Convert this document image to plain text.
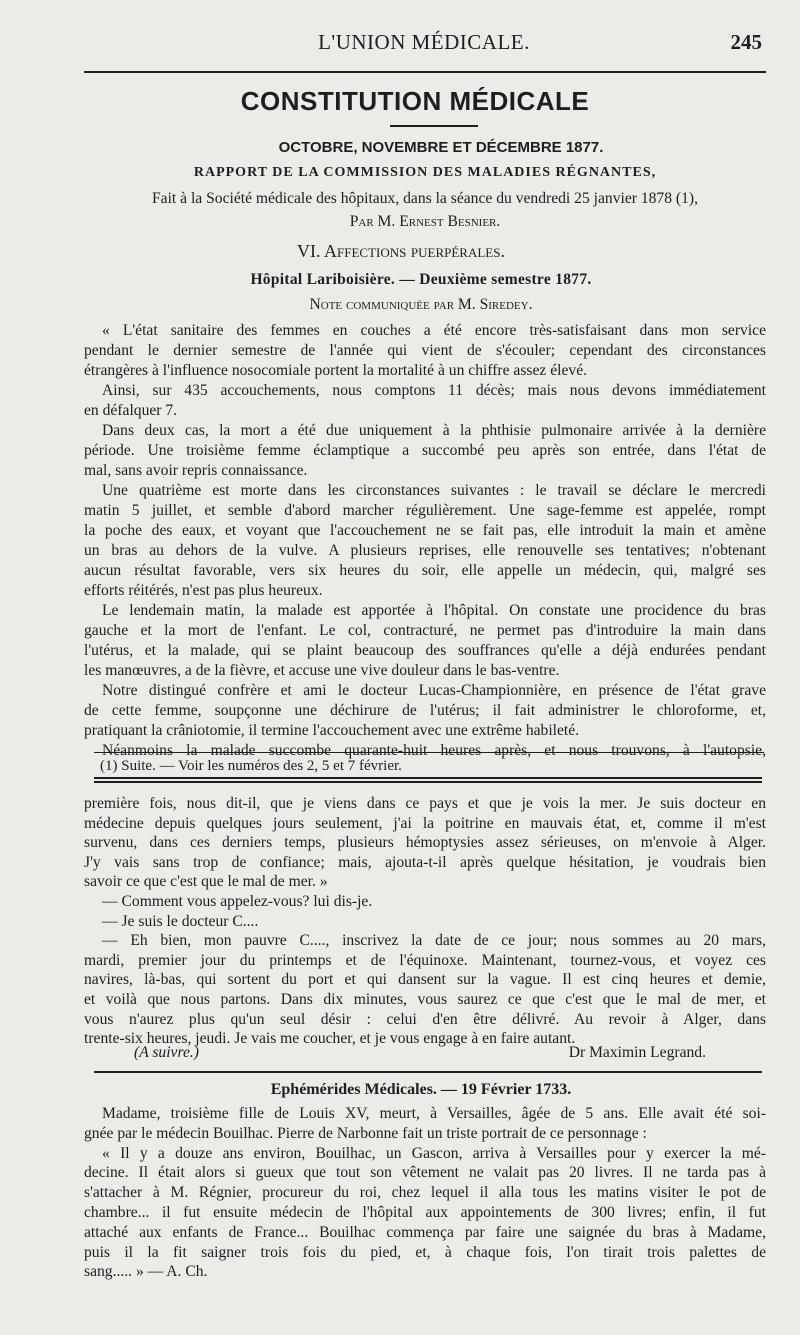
L'UNION MÉDICALE.	245
CONSTITUTION MÉDICALE
OCTOBRE, NOVEMBRE ET DÉCEMBRE 1877.
RAPPORT DE LA COMMISSION DES MALADIES RÉGNANTES,
Fait à la Société médicale des hôpitaux, dans la séance du vendredi 25 janvier 1878 (1),
Par M. Ernest Besnier.
VI. Affections puerpérales.
Hôpital Lariboisière. — Deuxième semestre 1877.
Note communiquée par M. Siredey.
« L'état sanitaire des femmes en couches a été encore très-satisfaisant dans mon service
pendant le dernier semestre de l'année qui vient de s'écouler; cependant des circonstances
étrangères à l'influence nosocomiale portent la mortalité à un chiffre assez élevé.
Ainsi, sur 435 accouchements, nous comptons 11 décès; mais nous devons immédiatement
en défalquer 7.
Dans deux cas, la mort a été due uniquement à la phthisie pulmonaire arrivée à la dernière
période. Une troisième femme éclamptique a succombé peu après son entrée, dans l'état de
mal, sans avoir repris connaissance.
Une quatrième est morte dans les circonstances suivantes : le travail se déclare le mercredi
matin 5 juillet, et semble d'abord marcher régulièrement. Une sage-femme est appelée, rompt
la poche des eaux, et voyant que l'accouchement ne se fait pas, elle introduit la main et amène
un bras au dehors de la vulve. A plusieurs reprises, elle renouvelle ses tentatives; n'obtenant
aucun résultat favorable, vers six heures du soir, elle appelle un médecin, qui, malgré ses
efforts réitérés, n'est pas plus heureux.
Le lendemain matin, la malade est apportée à l'hôpital. On constate une procidence du bras
gauche et la mort de l'enfant. Le col, contracturé, ne permet pas d'introduire la main dans
l'utérus, et la malade, qui se plaint beaucoup des souffrances qu'elle a déjà endurées pendant
les manœuvres, a de la fièvre, et accuse une vive douleur dans le bas-ventre.
Notre distingué confrère et ami le docteur Lucas-Championnière, en présence de l'état grave
de cette femme, soupçonne une déchirure de l'utérus; il fait administrer le chloroforme, et,
pratiquant la crâniotomie, il termine l'accouchement avec une extrême habileté.
Néanmoins la malade succombe quarante-huit heures après, et nous trouvons, à l'autopsie,
(1) Suite. — Voir les numéros des 2, 5 et 7 février.
première fois, nous dit-il, que je viens dans ce pays et que je vois la mer. Je suis docteur en
médecine depuis quelques jours seulement, j'ai la poitrine en mauvais état, et, comme il m'est
survenu, dans ces derniers temps, plusieurs hémoptysies assez sérieuses, on m'envoie à Alger.
J'y vais sans trop de confiance; mais, ajouta-t-il après quelque hésitation, je voudrais bien
savoir ce que c'est que le mal de mer. »
— Comment vous appelez-vous? lui dis-je.
— Je suis le docteur C....
— Eh bien, mon pauvre C...., inscrivez la date de ce jour; nous sommes au 20 mars,
mardi, premier jour du printemps et de l'équinoxe. Maintenant, tournez-vous, et voyez ces
navires, là-bas, qui sortent du port et qui dansent sur la vague. Il est cinq heures et demie,
et voilà que nous partons. Dans dix minutes, vous saurez ce que c'est que le mal de mer, et
vous n'aurez plus qu'un seul désir : celui d'en être délivré. Au revoir à Alger, dans
trente-six heures, jeudi. Je vais me coucher, et je vous engage à en faire autant.
(A suivre.)	Dr Maximin Legrand.
Ephémérides Médicales. — 19 Février 1733.
Madame, troisième fille de Louis XV, meurt, à Versailles, âgée de 5 ans. Elle avait été soi-
gnée par le médecin Bouilhac. Pierre de Narbonne fait un triste portrait de ce personnage :
« Il y a douze ans environ, Bouilhac, un Gascon, arriva à Versailles pour y exercer la mé-
decine. Il était alors si gueux que tout son vêtement ne valait pas 20 livres. Il ne tarda pas à
s'attacher à M. Régnier, procureur du roi, chez lequel il alla tous les matins visiter le pot de
chambre... il fut ensuite médecin de l'hôpital aux appointements de 300 livres; enfin, il fut
attaché aux enfants de France... Bouilhac commença par faire une saignée du bras à Madame,
puis il la fit saigner trois fois du pied, et, à chaque fois, l'on tirait trois palettes de
sang..... » — A. Ch.
